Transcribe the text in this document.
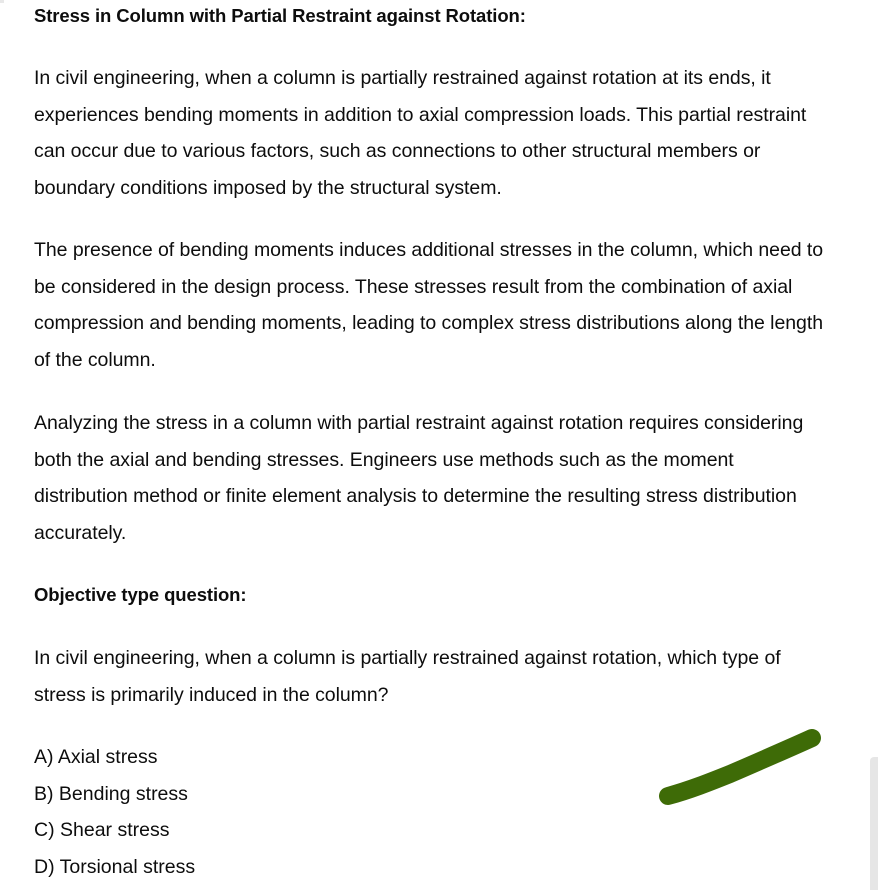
Stress in Column with Partial Restraint against Rotation:

In civil engineering, when a column is partially restrained against rotation at its ends, it experiences bending moments in addition to axial compression loads. This partial restraint can occur due to various factors, such as connections to other structural members or boundary conditions imposed by the structural system.

The presence of bending moments induces additional stresses in the column, which need to be considered in the design process. These stresses result from the combination of axial compression and bending moments, leading to complex stress distributions along the length of the column.

Analyzing the stress in a column with partial restraint against rotation requires considering both the axial and bending stresses. Engineers use methods such as the moment distribution method or finite element analysis to determine the resulting stress distribution accurately.

Objective type question:

In civil engineering, when a column is partially restrained against rotation, which type of stress is primarily induced in the column?

A) Axial stress
B) Bending stress
C) Shear stress
D) Torsional stress
